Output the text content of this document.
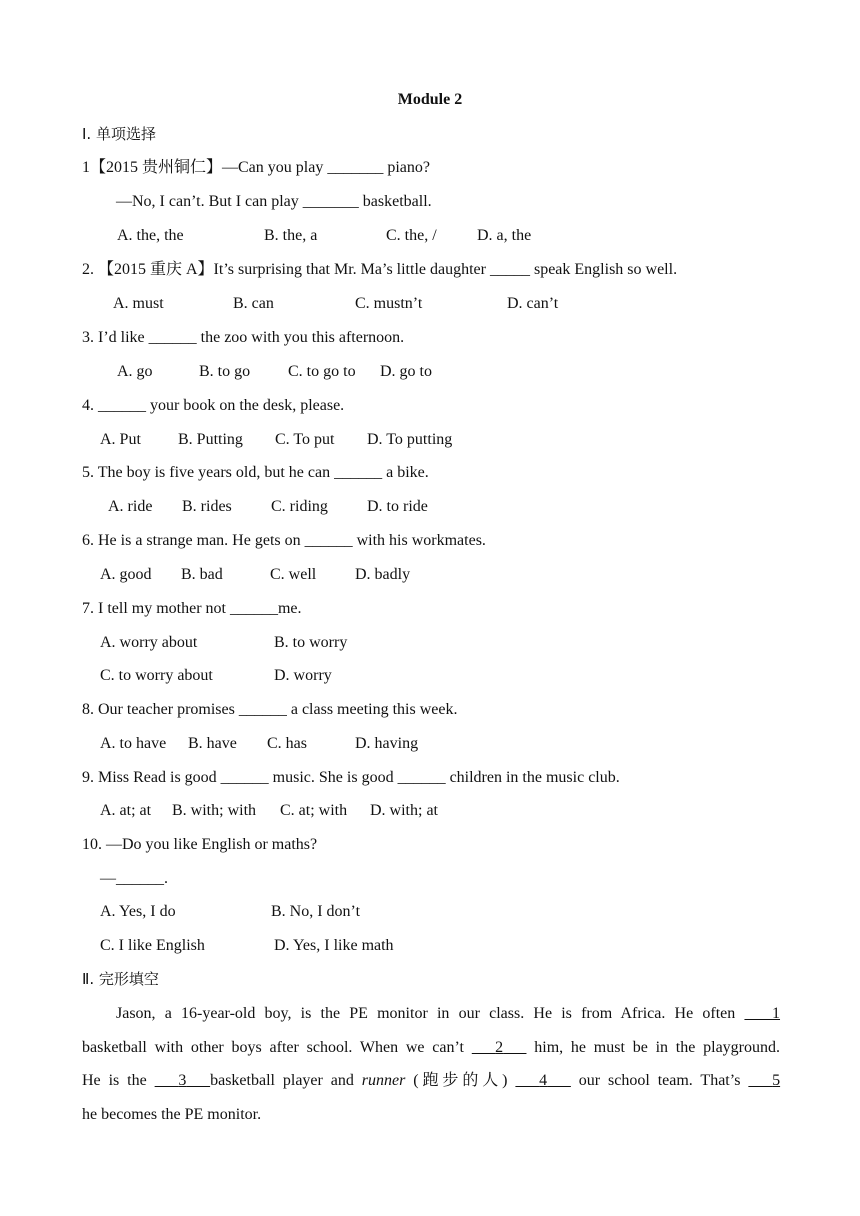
Module 2
Ⅰ. 单项选择
1【2015 贵州铜仁】—Can you play _______ piano?
—No, I can’t. But I can play _______ basketball.
A. the, the	B. the, a	C. the, /	D. a, the
2. 【2015 重庆 A】It’s surprising that Mr. Ma’s little daughter _____ speak English so well.
A. must	B. can	C. mustn’t	D. can’t
3. I’d like ______ the zoo with you this afternoon.
A. go	B. to go C. to go to D. go to
4. ______ your book on the desk, please.
A. Put B. Putting C. To put D. To putting
5. The boy is five years old, but he can ______ a bike.
A. ride B. rides C. riding D. to ride
6. He is a strange man. He gets on ______ with his workmates.
A. good B. bad	C. well D. badly
7. I tell my mother not ______me.
A. worry about	B. to worry
C. to worry about	D. worry
8. Our teacher promises ______ a class meeting this week.
A. to have B. have C. has	D. having
9. Miss Read is good ______ music. She is good ______ children in the music club.
A. at; at B. with; with C. at; with D. with; at
10. —Do you like English or maths?
—______.
A. Yes, I do	B. No, I don’t
C. I like English	D. Yes, I like math
Ⅱ. 完形填空
Jason, a 16-year-old boy, is the PE monitor in our class. He is from Africa. He often 1
basketball with other boys after school. When we can’t 2 him, he must be in the playground.
He is the 3 basketball player and runner (跑步的人) 4 our school team. That’s 5
he becomes the PE monitor.
